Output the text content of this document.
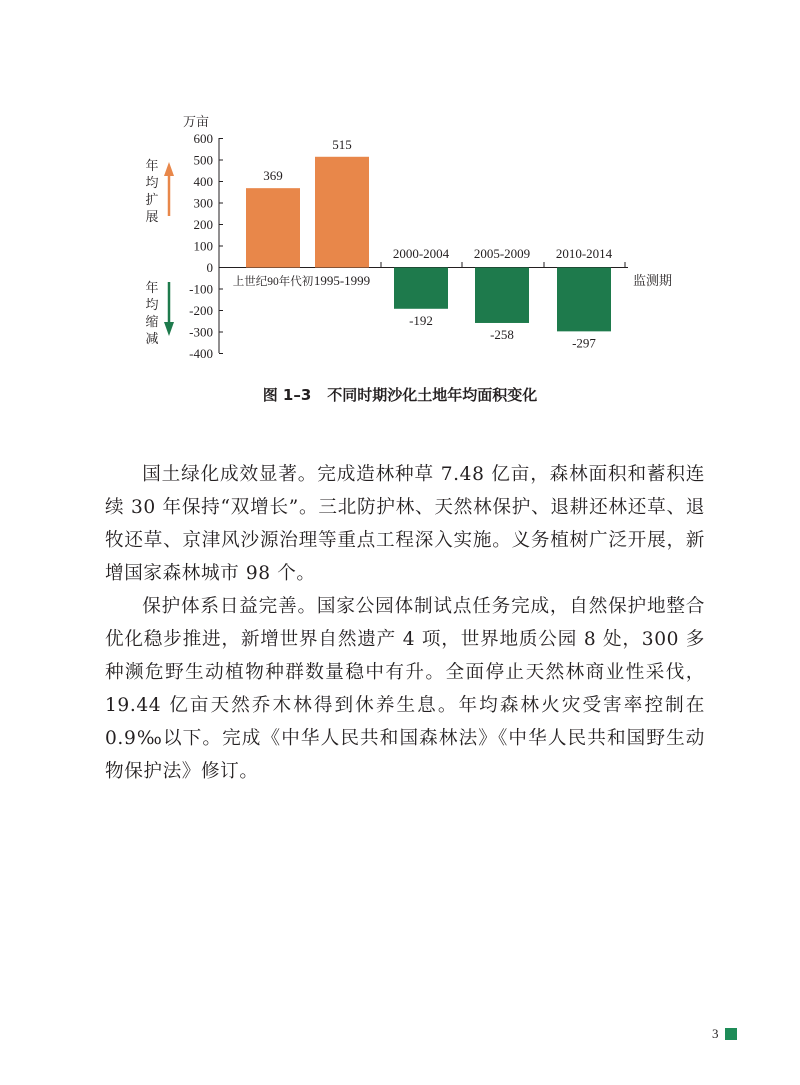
万亩
600
500
400
300
200
100
0
-100
-200
-300
-400
上世纪90年代初 1995-1999
2000-2004 2005-2009 2010-2014
369
515
-192
-258
-297
监测期
年
均
扩
展
年
均
缩
减
图 1–3 不同时期沙化土地年均面积变化

国土绿化成效显著。完成造林种草 7.48 亿亩，森林面积和蓄积连续 30 年保持“双增长”。三北防护林、天然林保护、退耕还林还草、退牧还草、京津风沙源治理等重点工程深入实施。义务植树广泛开展，新增国家森林城市 98 个。

保护体系日益完善。国家公园体制试点任务完成，自然保护地整合优化稳步推进，新增世界自然遗产 4 项，世界地质公园 8 处，300 多种濒危野生动植物种群数量稳中有升。全面停止天然林商业性采伐，19.44 亿亩天然乔木林得到休养生息。年均森林火灾受害率控制在 0.9‰以下。完成《中华人民共和国森林法》《中华人民共和国野生动物保护法》修订。

3
